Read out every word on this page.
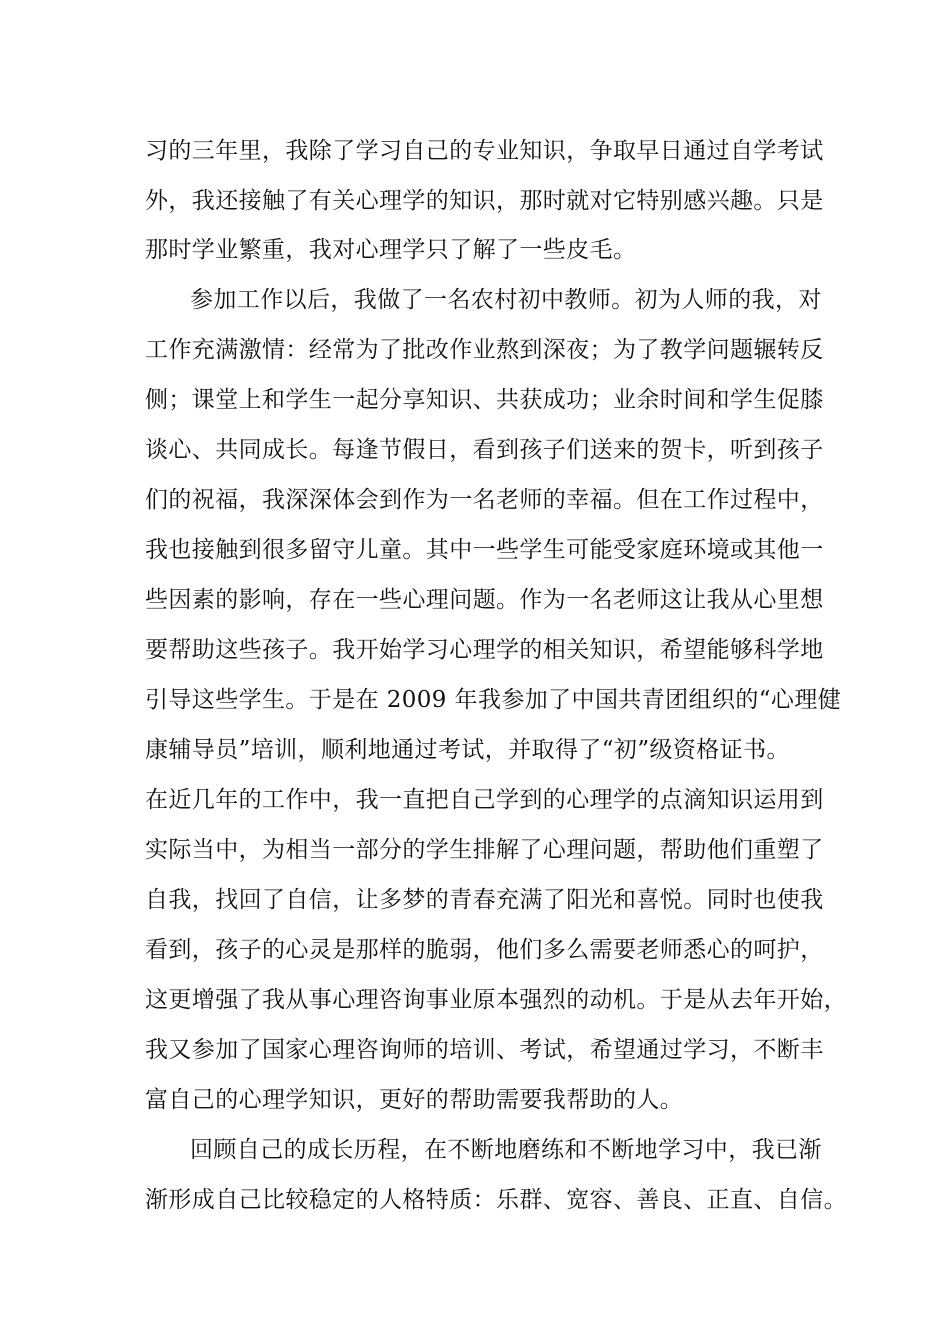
习的三年里，我除了学习自己的专业知识，争取早日通过自学考试
外，我还接触了有关心理学的知识，那时就对它特别感兴趣。只是
那时学业繁重，我对心理学只了解了一些皮毛。
参加工作以后，我做了一名农村初中教师。初为人师的我，对
工作充满激情：经常为了批改作业熬到深夜；为了教学问题辗转反
侧；课堂上和学生一起分享知识、共获成功；业余时间和学生促膝
谈心、共同成长。每逢节假日，看到孩子们送来的贺卡，听到孩子
们的祝福，我深深体会到作为一名老师的幸福。但在工作过程中，
我也接触到很多留守儿童。其中一些学生可能受家庭环境或其他一
些因素的影响，存在一些心理问题。作为一名老师这让我从心里想
要帮助这些孩子。我开始学习心理学的相关知识，希望能够科学地
引导这些学生。于是在 2009 年我参加了中国共青团组织的“心理健
康辅导员”培训，顺利地通过考试，并取得了“初”级资格证书。
在近几年的工作中，我一直把自己学到的心理学的点滴知识运用到
实际当中，为相当一部分的学生排解了心理问题，帮助他们重塑了
自我，找回了自信，让多梦的青春充满了阳光和喜悦。同时也使我
看到，孩子的心灵是那样的脆弱，他们多么需要老师悉心的呵护，
这更增强了我从事心理咨询事业原本强烈的动机。于是从去年开始，
我又参加了国家心理咨询师的培训、考试，希望通过学习，不断丰
富自己的心理学知识，更好的帮助需要我帮助的人。
回顾自己的成长历程，在不断地磨练和不断地学习中，我已渐
渐形成自己比较稳定的人格特质：乐群、宽容、善良、正直、自信。
